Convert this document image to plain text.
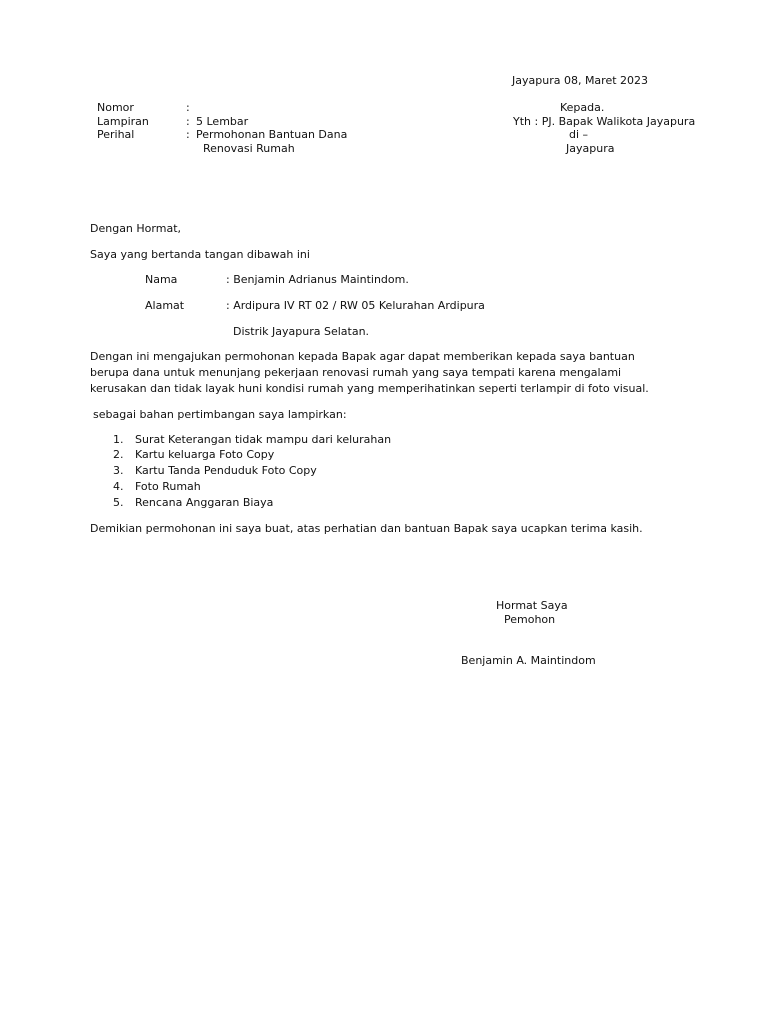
Jayapura 08, Maret 2023
Nomor	:
Lampiran	: 5 Lembar
Perihal	: Permohonan Bantuan Dana
Renovasi Rumah
Kepada.
Yth : PJ. Bapak Walikota Jayapura
di –
Jayapura
Dengan Hormat,
Saya yang bertanda tangan dibawah ini
Nama	: Benjamin Adrianus Maintindom.
Alamat	: Ardipura IV RT 02 / RW 05 Kelurahan Ardipura
Distrik Jayapura Selatan.
Dengan ini mengajukan permohonan kepada Bapak agar dapat memberikan kepada saya bantuan
berupa dana untuk menunjang pekerjaan renovasi rumah yang saya tempati karena mengalami
kerusakan dan tidak layak huni kondisi rumah yang memperihatinkan seperti terlampir di foto visual.
sebagai bahan pertimbangan saya lampirkan:
1. Surat Keterangan tidak mampu dari kelurahan
2. Kartu keluarga Foto Copy
3. Kartu Tanda Penduduk Foto Copy
4. Foto Rumah
5. Rencana Anggaran Biaya
Demikian permohonan ini saya buat, atas perhatian dan bantuan Bapak saya ucapkan terima kasih.
Hormat Saya
Pemohon
Benjamin A. Maintindom
